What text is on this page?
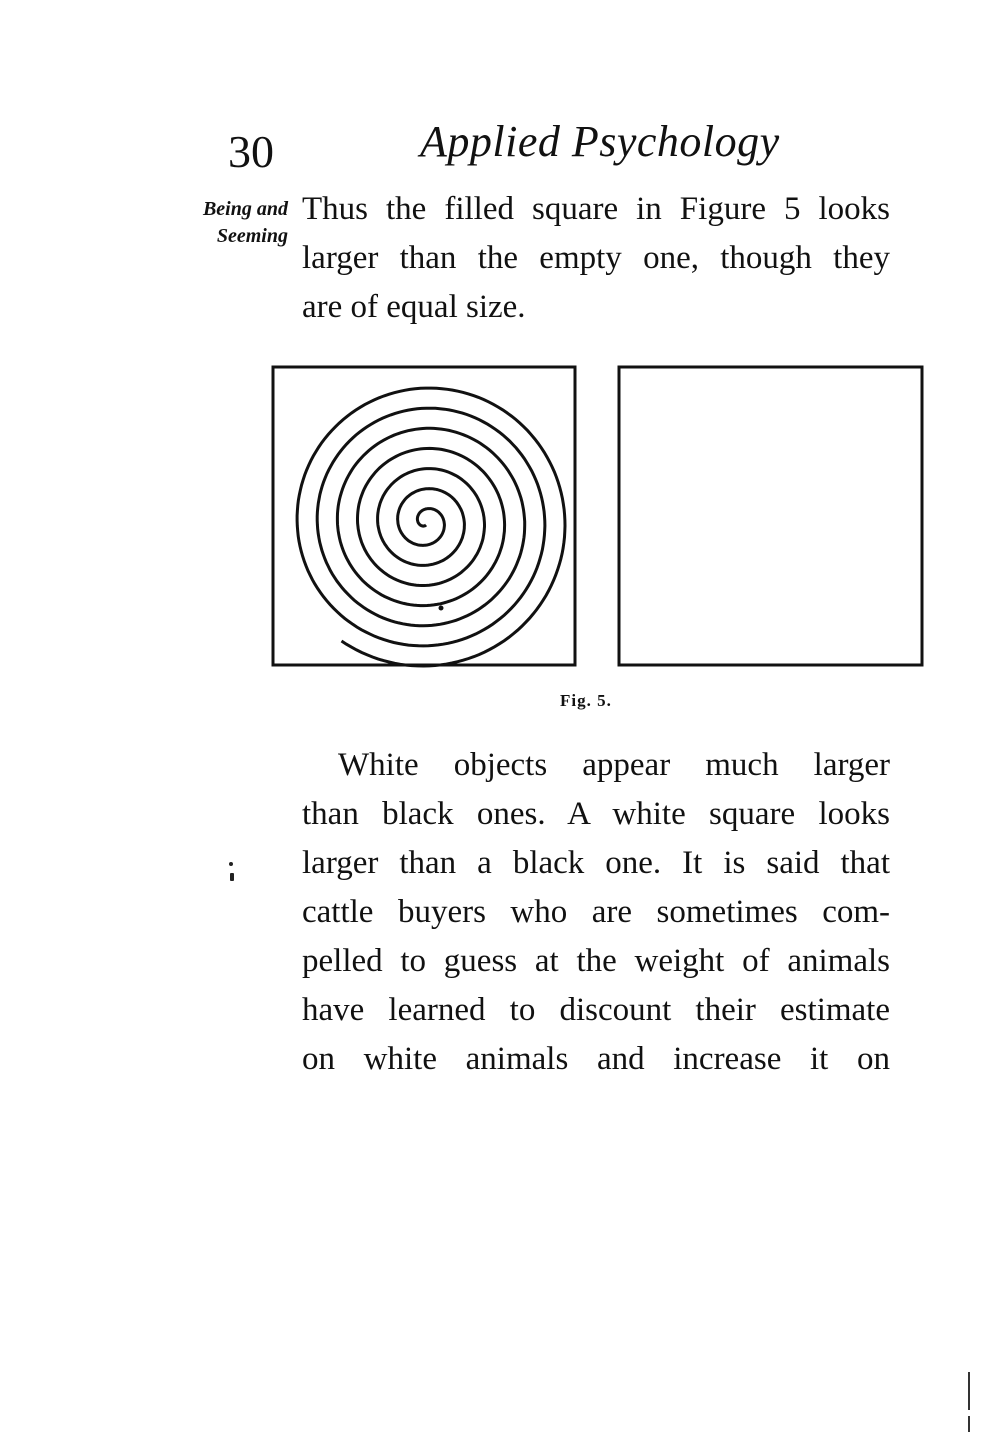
30	Applied Psychology
Being and
Seeming
Thus the filled square in Figure 5 looks
larger than the empty one, though they
are of equal size.
Fig. 5.
White objects appear much larger
than black ones. A white square looks
larger than a black one. It is said that
cattle buyers who are sometimes com-
pelled to guess at the weight of animals
have learned to discount their estimate
on white animals and increase it on
